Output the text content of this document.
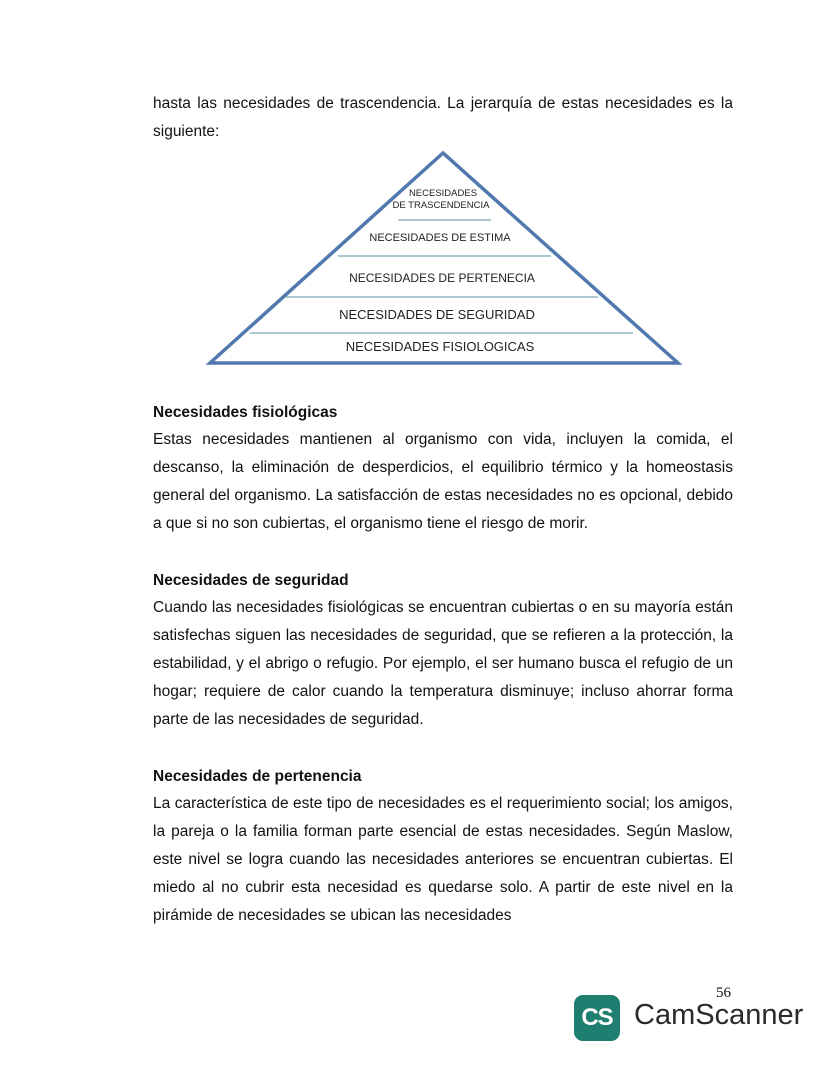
hasta las necesidades de trascendencia. La jerarquía de estas necesidades es la siguiente:

NECESIDADES
DE TRASCENDENCIA
NECESIDADES DE ESTIMA
NECESIDADES DE PERTENECIA
NECESIDADES DE SEGURIDAD
NECESIDADES FISIOLOGICAS
Necesidades fisiológicas

Estas necesidades mantienen al organismo con vida, incluyen la comida, el descanso, la eliminación de desperdicios, el equilibrio térmico y la homeostasis general del organismo. La satisfacción de estas necesidades no es opcional, debido a que si no son cubiertas, el organismo tiene el riesgo de morir.

Necesidades de seguridad

Cuando las necesidades fisiológicas se encuentran cubiertas o en su mayoría están satisfechas siguen las necesidades de seguridad, que se refieren a la protección, la estabilidad, y el abrigo o refugio. Por ejemplo, el ser humano busca el refugio de un hogar; requiere de calor cuando la temperatura disminuye; incluso ahorrar forma parte de las necesidades de seguridad.

Necesidades de pertenencia

La característica de este tipo de necesidades es el requerimiento social; los amigos, la pareja o la familia forman parte esencial de estas necesidades. Según Maslow, este nivel se logra cuando las necesidades anteriores se encuentran cubiertas. El miedo al no cubrir esta necesidad es quedarse solo. A partir de este nivel en la pirámide de necesidades se ubican las necesidades

56
CS CamScanner
